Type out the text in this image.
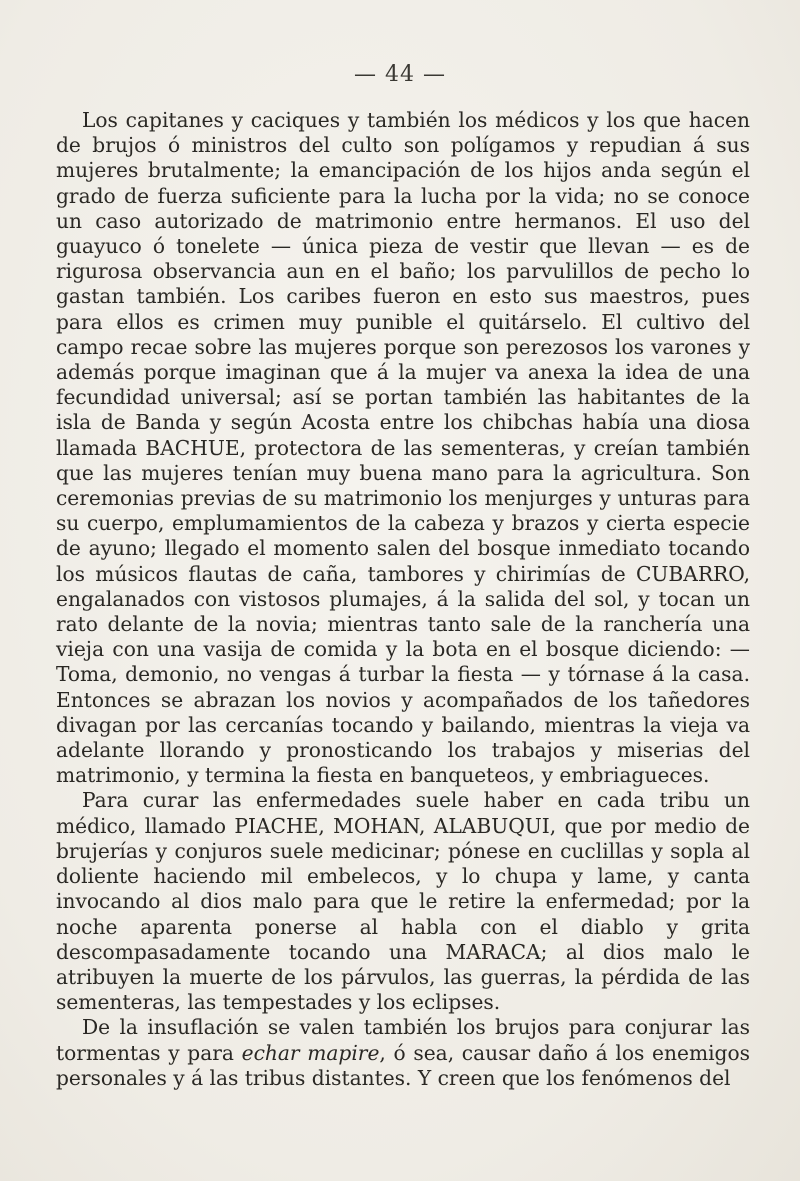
— 44 —

Los capitanes y caciques y también los médicos y los que hacen de brujos ó ministros del culto son polígamos y repudian á sus mujeres brutalmente; la emancipación de los hijos anda según el grado de fuerza suficiente para la lucha por la vida; no se conoce un caso autorizado de matrimonio entre hermanos. El uso del guayuco ó tonelete — única pieza de vestir que llevan — es de rigurosa observancia aun en el baño; los parvulillos de pecho lo gastan también. Los caribes fueron en esto sus maestros, pues para ellos es crimen muy punible el quitárselo. El cultivo del campo recae sobre las mujeres porque son perezosos los varones y además porque imaginan que á la mujer va anexa la idea de una fecundidad universal; así se portan también las habitantes de la isla de Banda y según Acosta entre los chibchas había una diosa llamada BACHUE, protectora de las sementeras, y creían también que las mujeres tenían muy buena mano para la agricultura. Son ceremonias previas de su matrimonio los menjurges y unturas para su cuerpo, emplumamientos de la cabeza y brazos y cierta especie de ayuno; llegado el momento salen del bosque inmediato tocando los músicos flautas de caña, tambores y chirimías de CUBARRO, engalanados con vistosos plumajes, á la salida del sol, y tocan un rato delante de la novia; mientras tanto sale de la ranchería una vieja con una vasija de comida y la bota en el bosque diciendo: — Toma, demonio, no vengas á turbar la fiesta — y tórnase á la casa. Entonces se abrazan los novios y acompañados de los tañedores divagan por las cercanías tocando y bailando, mientras la vieja va adelante llorando y pronosticando los trabajos y miserias del matrimonio, y termina la fiesta en banqueteos, y embriagueces.

Para curar las enfermedades suele haber en cada tribu un médico, llamado PIACHE, MOHAN, ALABUQUI, que por medio de brujerías y conjuros suele medicinar; pónese en cuclillas y sopla al doliente haciendo mil embelecos, y lo chupa y lame, y canta invocando al dios malo para que le retire la enfermedad; por la noche aparenta ponerse al habla con el diablo y grita descompasadamente tocando una MARACA; al dios malo le atribuyen la muerte de los párvulos, las guerras, la pérdida de las sementeras, las tempestades y los eclipses.

De la insuflación se valen también los brujos para conjurar las tormentas y para echar mapire, ó sea, causar daño á los enemigos personales y á las tribus distantes. Y creen que los fenómenos del
